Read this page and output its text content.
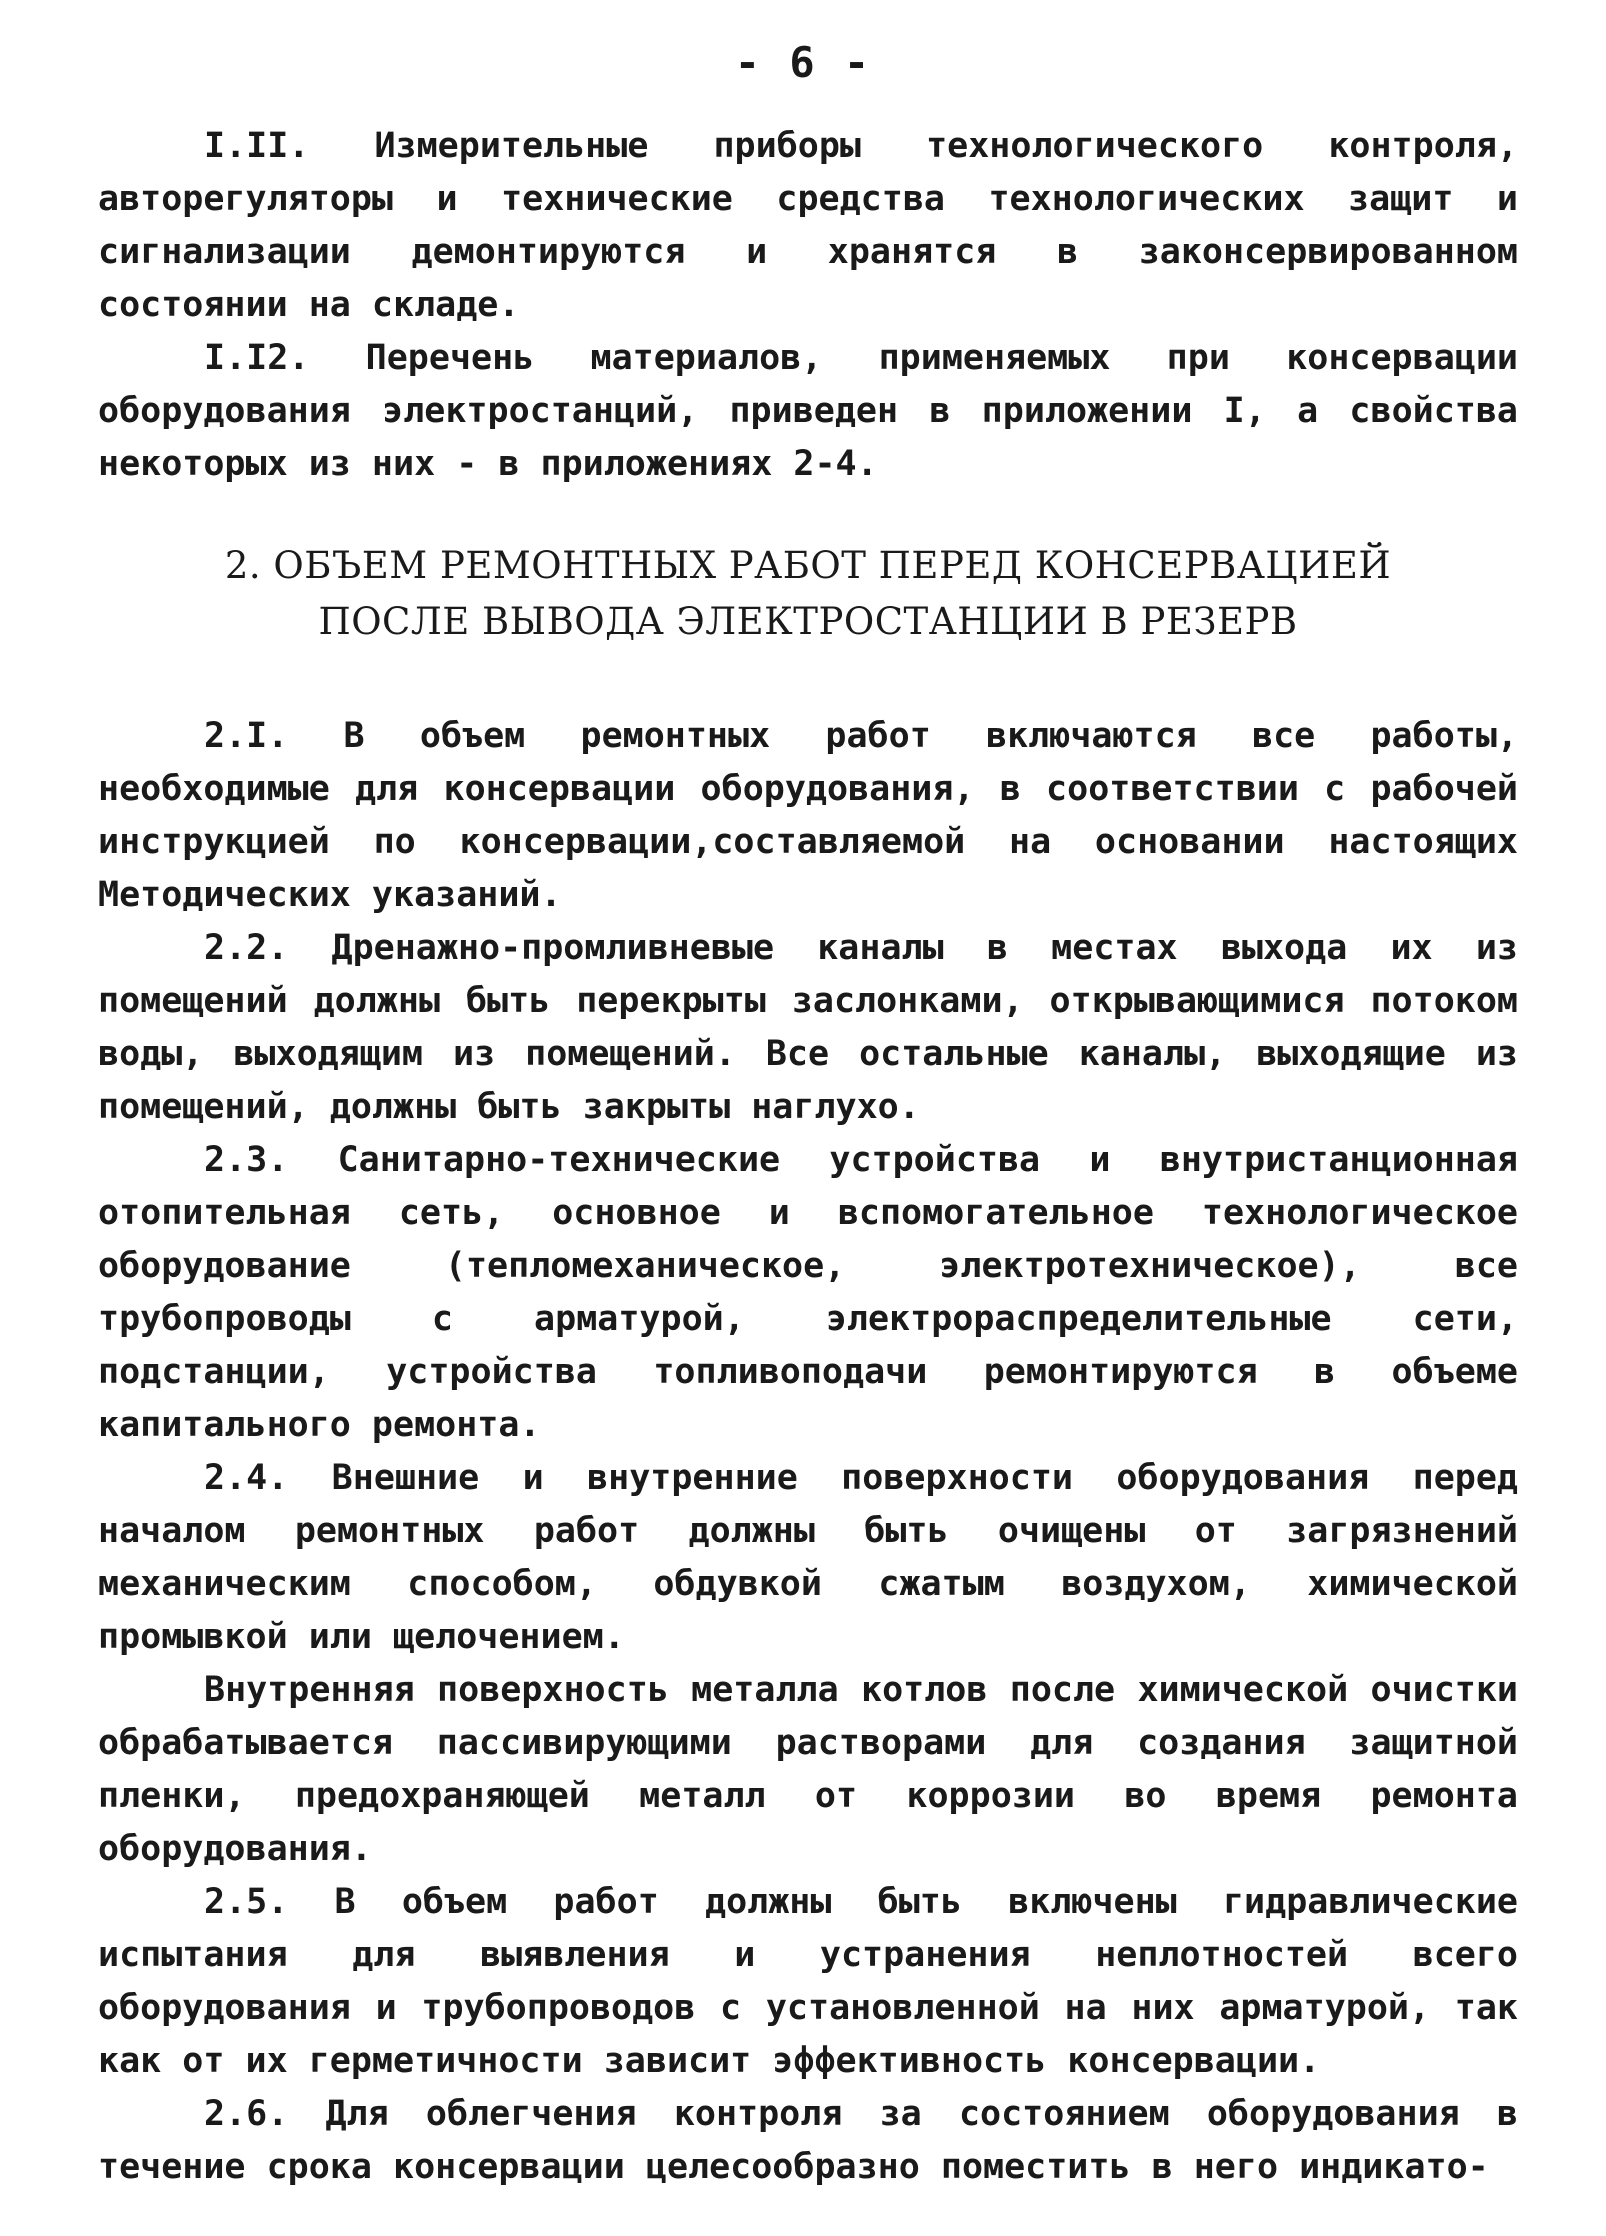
- 6 -

I.II. Измерительные приборы технологического контроля, авторегуляторы и технические средства технологических защит и сигнализации демонтируются и хранятся в законсервированном состоянии на складе.

I.I2. Перечень материалов, применяемых при консервации оборудования электростанций, приведен в приложении I, а свойства некоторых из них - в приложениях 2-4.

2. ОБЪЕМ РЕМОНТНЫХ РАБОТ ПЕРЕД КОНСЕРВАЦИЕЙ
ПОСЛЕ ВЫВОДА ЭЛЕКТРОСТАНЦИИ В РЕЗЕРВ

2.I. В объем ремонтных работ включаются все работы, необходимые для консервации оборудования, в соответствии с рабочей инструкцией по консервации,составляемой на основании настоящих Методических указаний.

2.2. Дренажно-промливневые каналы в местах выхода их из помещений должны быть перекрыты заслонками, открывающимися потоком воды, выходящим из помещений. Все остальные каналы, выходящие из помещений, должны быть закрыты наглухо.

2.3. Санитарно-технические устройства и внутристанционная отопительная сеть, основное и вспомогательное технологическое оборудование (тепломеханическое, электротехническое), все трубопроводы с арматурой, электрораспределительные сети, подстанции, устройства топливоподачи ремонтируются в объеме капитального ремонта.

2.4. Внешние и внутренние поверхности оборудования перед началом ремонтных работ должны быть очищены от загрязнений механическим способом, обдувкой сжатым воздухом, химической промывкой или щелочением.

Внутренняя поверхность металла котлов после химической очистки обрабатывается пассивирующими растворами для создания защитной пленки, предохраняющей металл от коррозии во время ремонта оборудования.

2.5. В объем работ должны быть включены гидравлические испытания для выявления и устранения неплотностей всего оборудования и трубопроводов с установленной на них арматурой, так как от их герметичности зависит эффективность консервации.

2.6. Для облегчения контроля за состоянием оборудования в течение срока консервации целесообразно поместить в него индикато-
